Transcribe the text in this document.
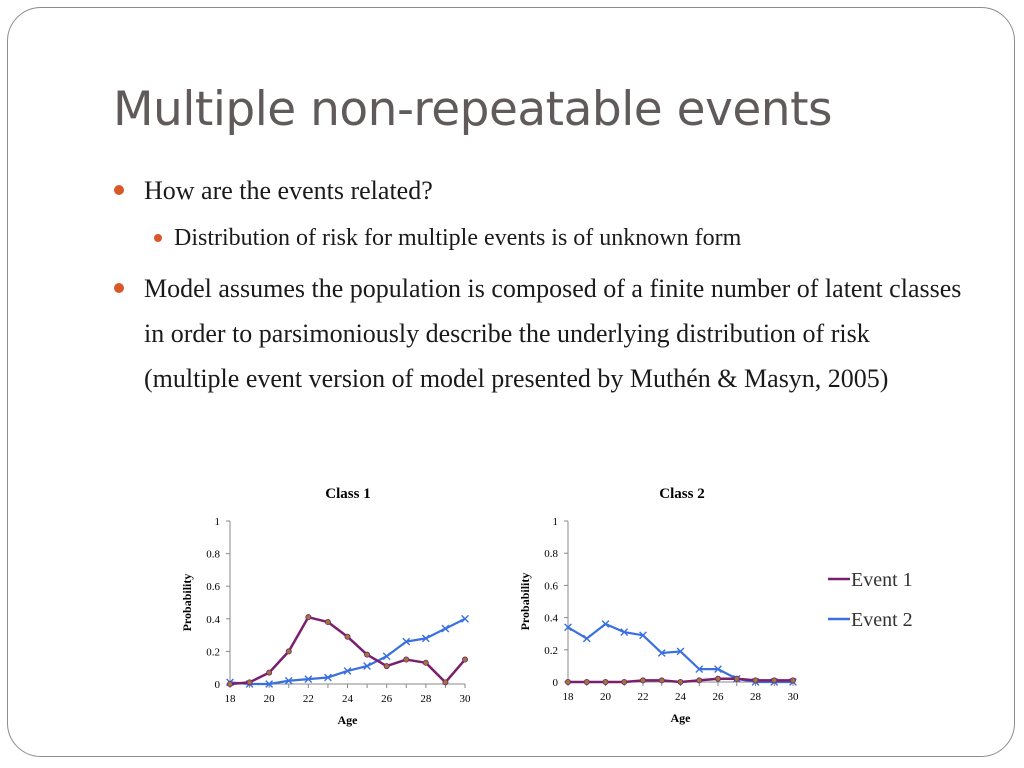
Multiple non-repeatable events
How are the events related?
Distribution of risk for multiple events is of unknown form
Model assumes the population is composed of a finite number of latent classes in order to parsimoniously describe the underlying distribution of risk (multiple event version of model presented by Muthén & Masyn, 2005)
Class 1
0
0.2
0.4
0.6
0.8
1
18	20	22	24	26	28	30
Age
Probability
Class 2
0
0.2
0.4
0.6
0.8
1
18 20 22 24 26 28 30
Age
Probability	Event 1
Event 2
